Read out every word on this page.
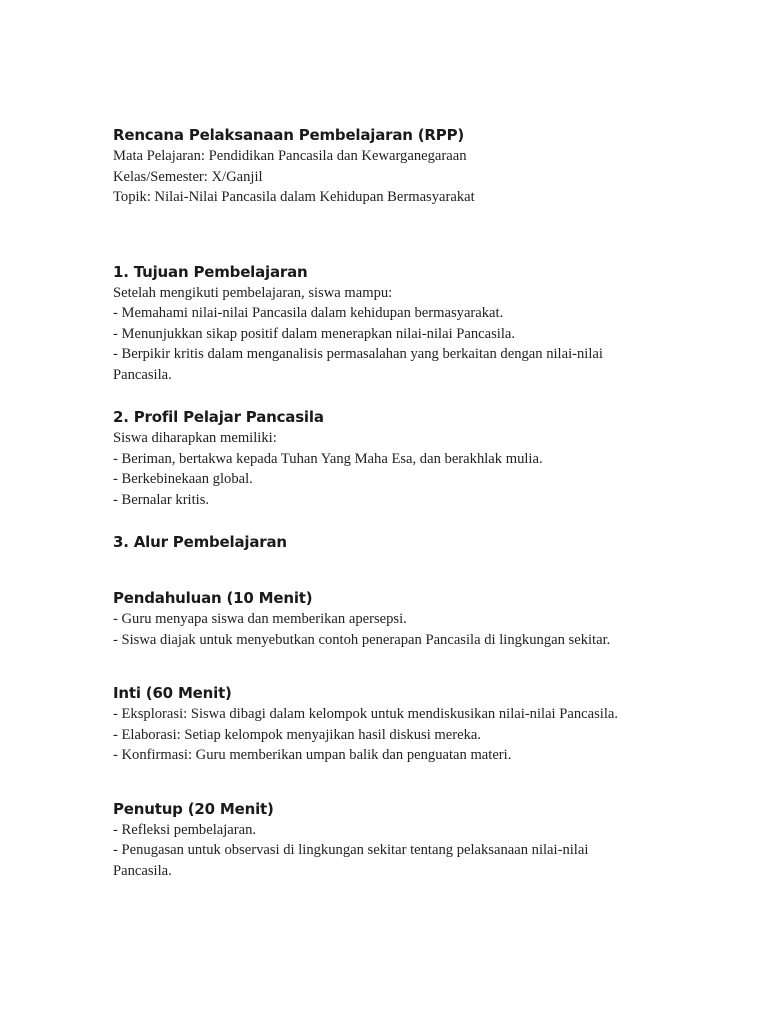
Rencana Pelaksanaan Pembelajaran (RPP)

Mata Pelajaran: Pendidikan Pancasila dan Kewarganegaraan

Kelas/Semester: X/Ganjil

Topik: Nilai-Nilai Pancasila dalam Kehidupan Bermasyarakat

1. Tujuan Pembelajaran

Setelah mengikuti pembelajaran, siswa mampu:

- Memahami nilai-nilai Pancasila dalam kehidupan bermasyarakat.

- Menunjukkan sikap positif dalam menerapkan nilai-nilai Pancasila.

- Berpikir kritis dalam menganalisis permasalahan yang berkaitan dengan nilai-nilai

Pancasila.

2. Profil Pelajar Pancasila

Siswa diharapkan memiliki:

- Beriman, bertakwa kepada Tuhan Yang Maha Esa, dan berakhlak mulia.

- Berkebinekaan global.

- Bernalar kritis.

3. Alur Pembelajaran

Pendahuluan (10 Menit)

- Guru menyapa siswa dan memberikan apersepsi.

- Siswa diajak untuk menyebutkan contoh penerapan Pancasila di lingkungan sekitar.

Inti (60 Menit)

- Eksplorasi: Siswa dibagi dalam kelompok untuk mendiskusikan nilai-nilai Pancasila.

- Elaborasi: Setiap kelompok menyajikan hasil diskusi mereka.

- Konfirmasi: Guru memberikan umpan balik dan penguatan materi.

Penutup (20 Menit)

- Refleksi pembelajaran.

- Penugasan untuk observasi di lingkungan sekitar tentang pelaksanaan nilai-nilai

Pancasila.
